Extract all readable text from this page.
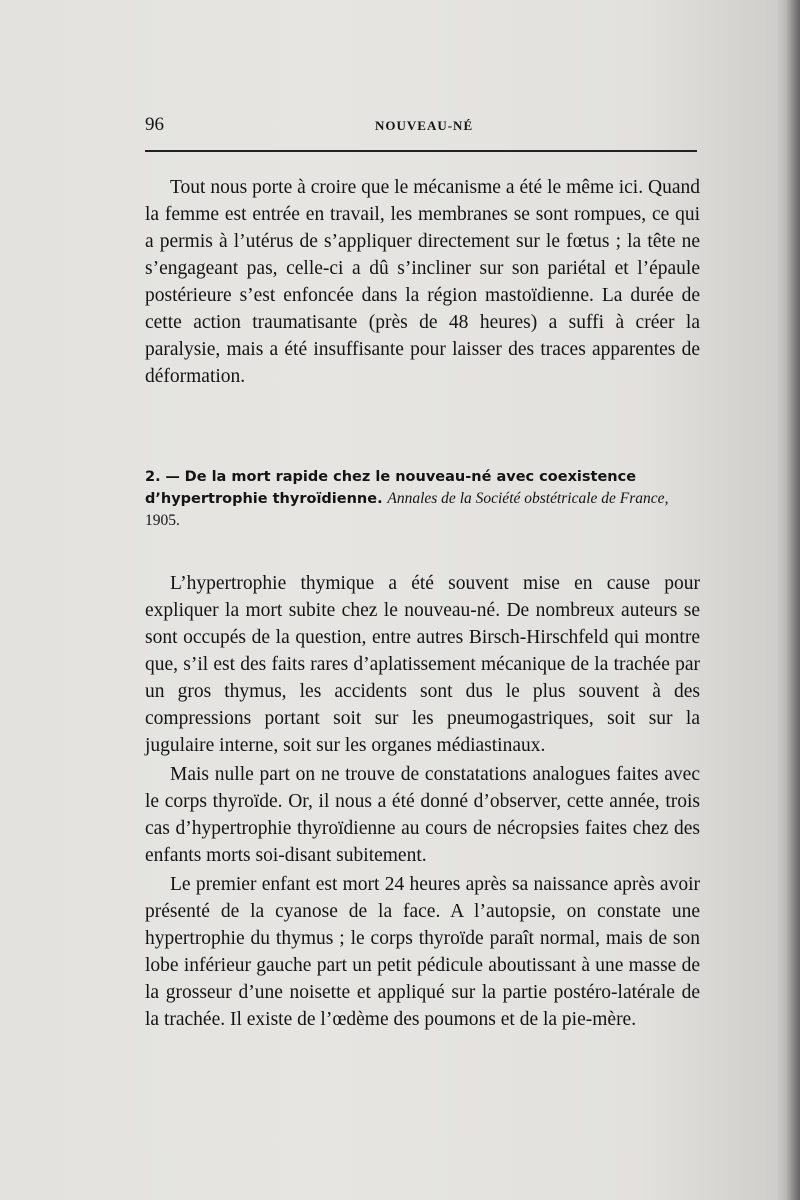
96	NOUVEAU-NÉ

Tout nous porte à croire que le mécanisme a été le même ici. Quand la femme est entrée en travail, les membranes se sont rompues, ce qui a permis à l’utérus de s’appliquer directement sur le fœtus ; la tête ne s’engageant pas, celle-ci a dû s’incliner sur son pariétal et l’épaule postérieure s’est enfoncée dans la région mastoïdienne. La durée de cette action traumatisante (près de 48 heures) a suffi à créer la paralysie, mais a été insuffisante pour laisser des traces apparentes de déformation.

2. — De la mort rapide chez le nouveau-né avec coexistence d’hypertrophie thyroïdienne. Annales de la Société obstétricale de France, 1905.

L’hypertrophie thymique a été souvent mise en cause pour expliquer la mort subite chez le nouveau-né. De nombreux auteurs se sont occupés de la question, entre autres Birsch-Hirschfeld qui montre que, s’il est des faits rares d’aplatissement mécanique de la trachée par un gros thymus, les accidents sont dus le plus souvent à des compressions portant soit sur les pneumogastriques, soit sur la jugulaire interne, soit sur les organes médiastinaux.

Mais nulle part on ne trouve de constatations analogues faites avec le corps thyroïde. Or, il nous a été donné d’observer, cette année, trois cas d’hypertrophie thyroïdienne au cours de nécropsies faites chez des enfants morts soi-disant subitement.

Le premier enfant est mort 24 heures après sa naissance après avoir présenté de la cyanose de la face. A l’autopsie, on constate une hypertrophie du thymus ; le corps thyroïde paraît normal, mais de son lobe inférieur gauche part un petit pédicule aboutissant à une masse de la grosseur d’une noisette et appliqué sur la partie postéro-latérale de la trachée. Il existe de l’œdème des poumons et de la pie-mère.
